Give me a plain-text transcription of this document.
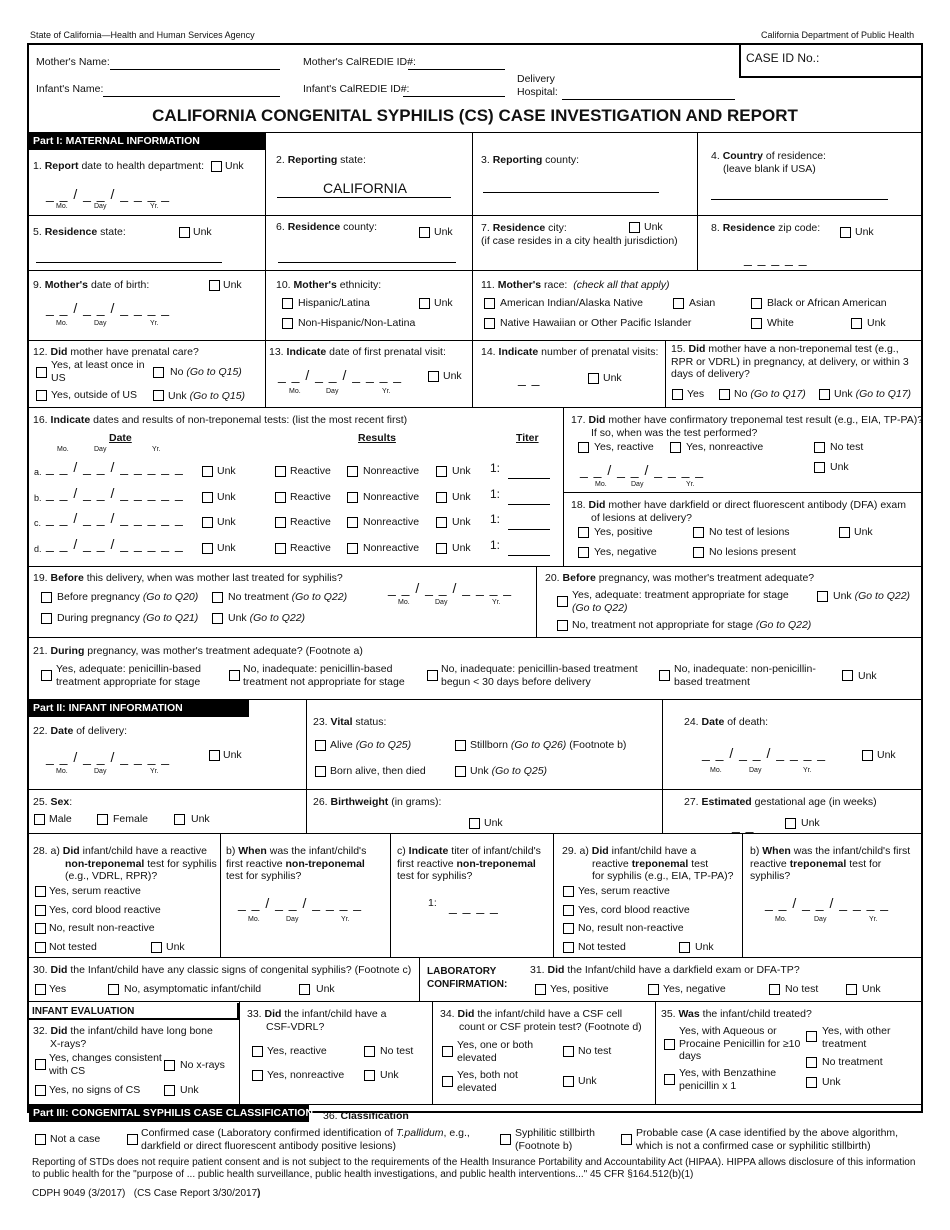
State of California—Health and Human Services Agency	California Department of Public Health
CASE ID No.:
Mother's Name:
Infant's Name:
Mother's CalREDIE ID#:
Infant's CalREDIE ID#:
Delivery
Hospital:
CALIFORNIA CONGENITAL SYPHILIS (CS) CASE INVESTIGATION AND REPORT
Part I: MATERNAL INFORMATION
1. Report date to health department: Unk
_ _ / _ _ / _ _ _ _
Mo.	Day	Yr.
2. Reporting state:
CALIFORNIA
3. Reporting county:	4. Country of residence:
(leave blank if USA)
5. Residence state:	Unk	6. Residence county:	Unk	7. Residence city:	Unk
(if case resides in a city health jurisdiction)
8. Residence zip code:	Unk
_ _ _ _ _
9. Mother's date of birth:	Unk
_ _ / _ _ / _ _ _ _
Mo.	Day	Yr.
10. Mother's ethnicity:
Hispanic/Latina	Unk
Non-Hispanic/Non-Latina
11. Mother's race: (check all that apply)
American Indian/Alaska Native	Asian	Black or African American
Native Hawaiian or Other Pacific Islander	White	Unk
12. Did mother have prenatal care?
Yes, at least once in US	No (Go to Q15)
Yes, outside of US	Unk (Go to Q15)
13. Indicate date of first prenatal visit:
_ _ / _ _ / _ _ _ _
Mo.	Day	Yr.
Unk
14. Indicate number of prenatal visits:
_ _	Unk
15. Did mother have a non-treponemal test (e.g., RPR or VDRL) in pregnancy, at delivery, or within 3 days of delivery?
Yes	No (Go to Q17)	Unk (Go to Q17)
16. Indicate dates and results of non-treponemal tests: (list the most recent first)
Date	Results	Titer
Mo.	Day	Yr.
a. _ _ / _ _ / _ _ _ _ _	Unk	Reactive	Nonreactive	Unk 1:
b. _ _ / _ _ / _ _ _ _ _	Unk	Reactive	Nonreactive	Unk 1:
c. _ _ / _ _ / _ _ _ _ _	Unk	Reactive	Nonreactive	Unk 1:
d. _ _ / _ _ / _ _ _ _ _	Unk	Reactive	Nonreactive	Unk 1:
17. Did mother have confirmatory treponemal test result (e.g., EIA, TP-PA)?
If so, when was the test performed?
Yes, reactive	Yes, nonreactive	No test
_ _ / _ _ / _ _ _ _
Mo.	Day	Yr.
Unk
18. Did mother have darkfield or direct fluorescent antibody (DFA) exam
of lesions at delivery?
Yes, positive	No test of lesions	Unk
Yes, negative	No lesions present
19. Before this delivery, when was mother last treated for syphilis?
Before pregnancy (Go to Q20)	No treatment (Go to Q22)
During pregnancy (Go to Q21)	Unk (Go to Q22)
_ _ / _ _ / _ _ _ _
Mo.	Day	Yr.
20. Before pregnancy, was mother's treatment adequate?
Yes, adequate: treatment appropriate for stage
(Go to Q22)
Unk (Go to Q22)
No, treatment not appropriate for stage (Go to Q22)
21. During pregnancy, was mother's treatment adequate? (Footnote a)
Yes, adequate: penicillin-based treatment appropriate for stage
No, inadequate: penicillin-based treatment not appropriate for stage
No, inadequate: penicillin-based treatment begun < 30 days before delivery
No, inadequate: non-penicillin-based treatment	Unk
Part II: INFANT INFORMATION
22. Date of delivery:
_ _ / _ _ / _ _ _ _
Mo.	Day	Yr.
Unk
23. Vital status:
Alive (Go to Q25)	Stillborn (Go to Q26) (Footnote b)
Born alive, then died	Unk (Go to Q25)
24. Date of death:
_ _ / _ _ / _ _ _ _
Mo.	Day	Yr.
Unk
25. Sex:
Male	Female	Unk
26. Birthweight (in grams):
_ _ _ _	Unk
27. Estimated gestational age (in weeks)
_ _	Unk
28. a) Did infant/child have a reactive
non-treponemal test for syphilis
(e.g., VDRL, RPR)?
Yes, serum reactive
Yes, cord blood reactive
No, result non-reactive
Not tested	Unk
b) When was the infant/child's
first reactive non-treponemal
test for syphilis?
_ _ / _ _ / _ _ _ _
Mo.	Day	Yr.
c) Indicate titer of infant/child's
first reactive non-treponemal
test for syphilis?
1: _ _ _ _
29. a) Did infant/child have a
reactive treponemal test
for syphilis (e.g., EIA, TP-PA)?
Yes, serum reactive
Yes, cord blood reactive
No, result non-reactive
Not tested	Unk
b) When was the infant/child's first
reactive treponemal test for
syphilis?
_ _ / _ _ / _ _ _ _
Mo.	Day	Yr.
30. Did the Infant/child have any classic signs of congenital syphilis? (Footnote c)
Yes	No, asymptomatic infant/child	Unk
LABORATORY
CONFIRMATION:
31. Did the Infant/child have a darkfield exam or DFA-TP?
Yes, positive	Yes, negative	No test	Unk
INFANT EVALUATION
32. Did the infant/child have long bone
X-rays?
Yes, changes consistent with CS	No x-rays
Yes, no signs of CS	Unk
33. Did the infant/child have a
CSF-VDRL?
Yes, reactive	No test
Yes, nonreactive	Unk
34. Did the infant/child have a CSF cell
count or CSF protein test? (Footnote d)
Yes, one or both elevated
No test
Yes, both not elevated
Unk
35. Was the infant/child treated?
Yes, with Aqueous or Procaine Penicillin for ≥10 days
Yes, with Benzathine penicillin x 1
Yes, with other treatment
No treatment
Unk
Part III: CONGENITAL SYPHILIS CASE CLASSIFICATION 36. Classification
Not a case	Confirmed case (Laboratory confirmed identification of T.pallidum, e.g.,
darkfield or direct fluorescent antibody positive lesions)
Syphilitic stillbirth
(Footnote b)
Probable case (A case identified by the above algorithm,
which is not a confirmed case or syphilitic stillbirth)
Reporting of STDs does not require patient consent and is not subject to the requirements of the Health Insurance Portability and Accountability Act (HIPAA). HIPPA allows disclosure of this information to public health for the "purpose of ... public health surveillance, public health investigations, and public health interventions..." 45 CFR §164.512(b)(1)
CDPH 9049 (3/2017) (CS Case Report 3/30/2017)
